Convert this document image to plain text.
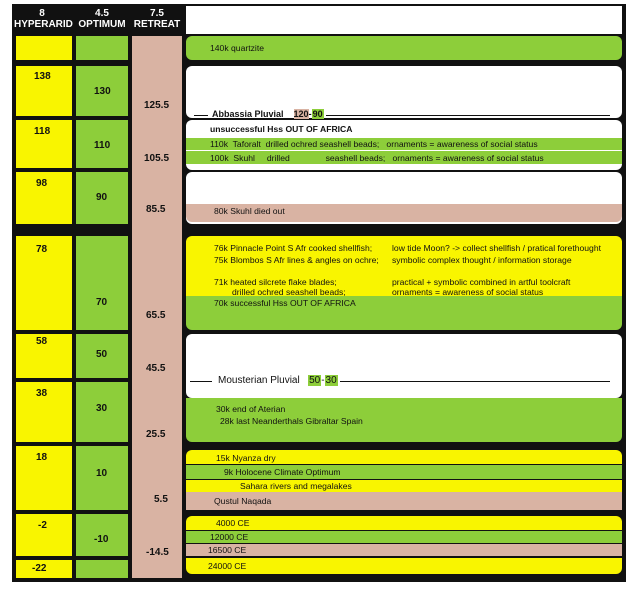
8
HYPERARID
4.5
OPTIMUM
7.5
RETREAT
138
118
98
78
58
38
18
-2
-22
130
110
90
70
50
30
10
-10
125.5
105.5
85.5
65.5
45.5
25.5
5.5
-14.5
140k quartzite
Abbassia Pluvial 120-90
unsuccessful Hss OUT OF AFRICA
110k  Taforalt  drilled ochred seashell beads;   ornaments = awareness of social status
100k  Skuhl     drilled               seashell beads;   ornaments = awareness of social status
80k Skuhl died out
76k Pinnacle Point S Afr cooked shellfish; low tide Moon? -> collect shellfish / pratical forethought
75k Blombos S Afr lines & angles on ochre; symbolic complex thought / information storage
71k heated silcrete flake blades;	practical + symbolic combined in artful toolcraft
drilled ochred seashell beads;	ornaments = awareness of social status
70k successful Hss OUT OF AFRICA
Mousterian Pluvial 50-30
30k end of Aterian
28k last Neanderthals Gibraltar Spain
15k Nyanza dry
9k Holocene Climate Optimum
Sahara rivers and megalakes
Qustul Naqada
4000 CE
12000 CE
16500 CE
24000 CE
